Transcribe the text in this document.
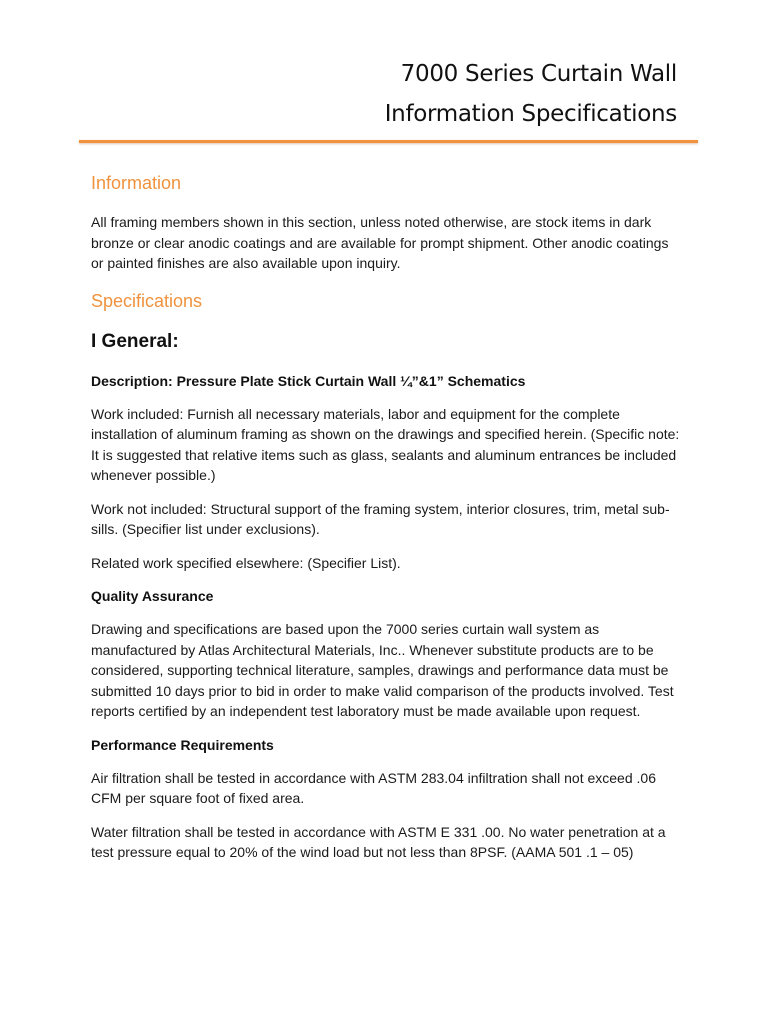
7000 Series Curtain Wall
Information Specifications
Information

All framing members shown in this section, unless noted otherwise, are stock items in dark bronze or clear anodic coatings and are available for prompt shipment. Other anodic coatings or painted finishes are also available upon inquiry.

Specifications
I General:
Description: Pressure Plate Stick Curtain Wall ¼”&1” Schematics

Work included: Furnish all necessary materials, labor and equipment for the complete installation of aluminum framing as shown on the drawings and specified herein. (Specific note: It is suggested that relative items such as glass, sealants and aluminum entrances be included whenever possible.)

Work not included: Structural support of the framing system, interior closures, trim, metal sub-sills. (Specifier list under exclusions).

Related work specified elsewhere: (Specifier List).

Quality Assurance

Drawing and specifications are based upon the 7000 series curtain wall system as manufactured by Atlas Architectural Materials, Inc.. Whenever substitute products are to be considered, supporting technical literature, samples, drawings and performance data must be submitted 10 days prior to bid in order to make valid comparison of the products involved. Test reports certified by an independent test laboratory must be made available upon request.

Performance Requirements

Air filtration shall be tested in accordance with ASTM 283.04 infiltration shall not exceed .06 CFM per square foot of fixed area.

Water filtration shall be tested in accordance with ASTM E 331 .00. No water penetration at a test pressure equal to 20% of the wind load but not less than 8PSF. (AAMA 501 .1 – 05)
